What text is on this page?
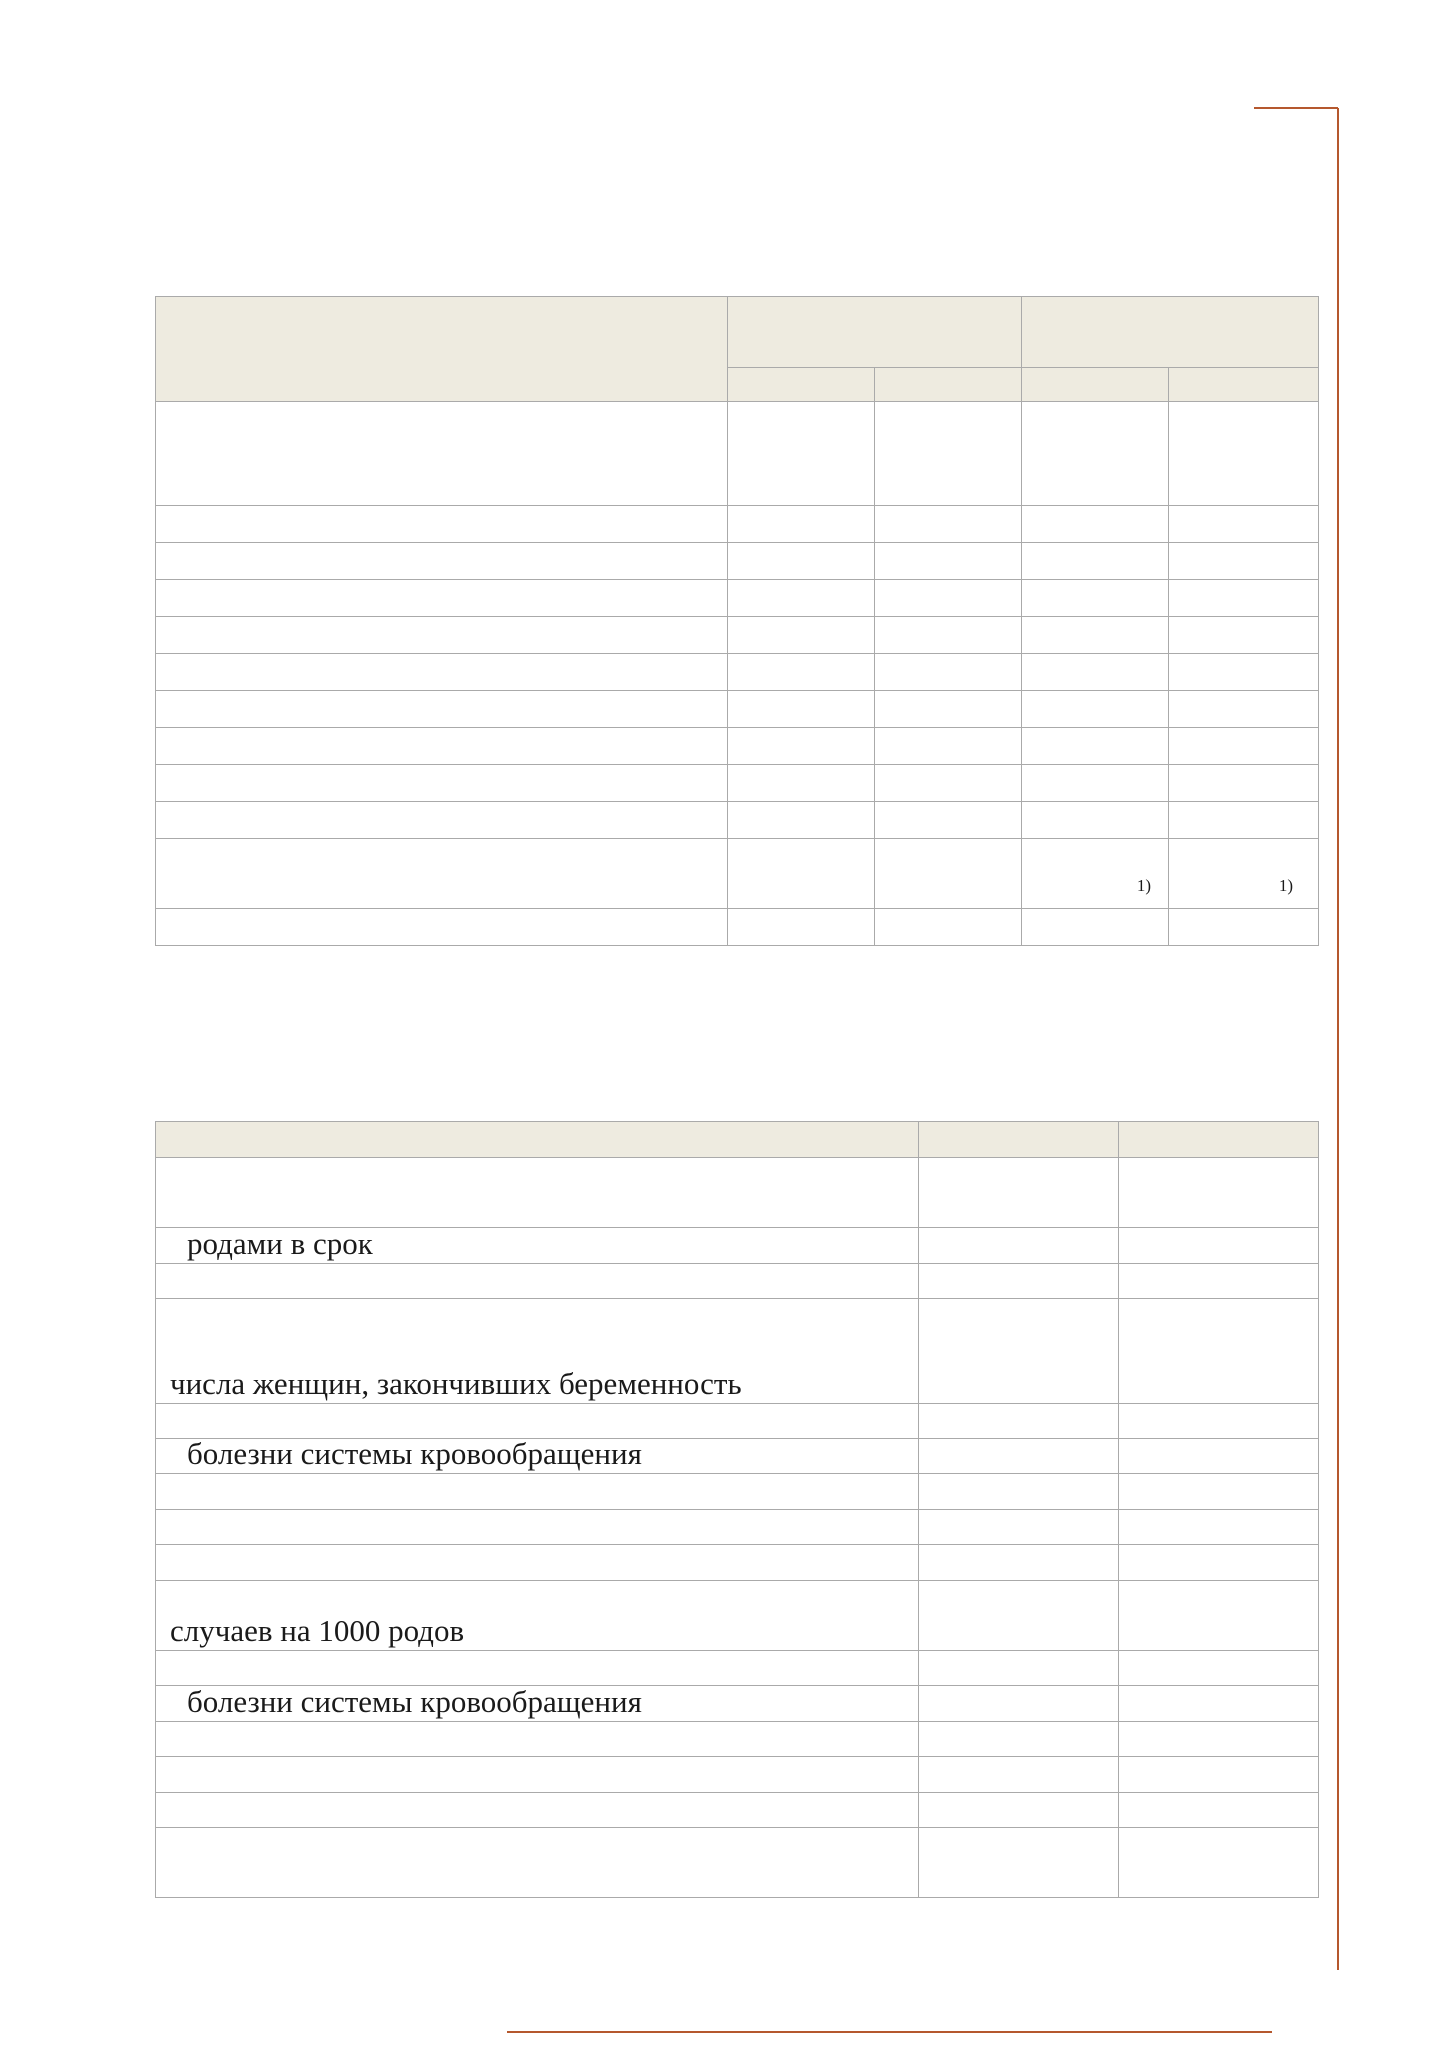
			1)	1)

родами в срок		

числа женщин, закончивших беременность		

болезни системы кровообращения		

случаев на 1000 родов		

болезни системы кровообращения		
